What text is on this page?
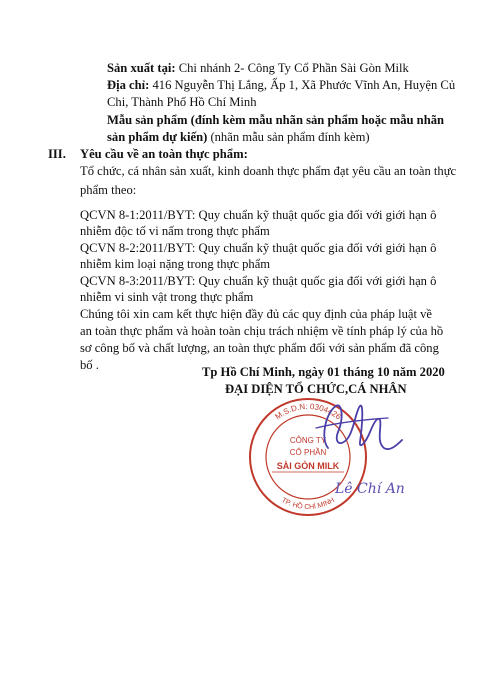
Sản xuất tại: Chi nhánh 2- Công Ty Cổ Phần Sài Gòn Milk
Địa chỉ: 416 Nguyễn Thị Lắng, Ấp 1, Xã Phước Vĩnh An, Huyện Củ
Chi, Thành Phố Hồ Chí Minh
Mẫu sản phẩm (đính kèm mẫu nhãn sản phẩm hoặc mẫu nhãn
sản phẩm dự kiến) (nhãn mẫu sản phẩm đính kèm)
III. Yêu cầu về an toàn thực phẩm:
Tổ chức, cá nhân sản xuất, kinh doanh thực phẩm đạt yêu cầu an toàn thực
phẩm theo:
QCVN 8-1:2011/BYT: Quy chuẩn kỹ thuật quốc gia đối với giới hạn ô
nhiễm độc tố vi nấm trong thực phẩm
QCVN 8-2:2011/BYT: Quy chuẩn kỹ thuật quốc gia đối với giới hạn ô
nhiễm kim loại nặng trong thực phẩm
QCVN 8-3:2011/BYT: Quy chuẩn kỹ thuật quốc gia đối với giới hạn ô
nhiễm vi sinh vật trong thực phẩm
Chúng tôi xin cam kết thực hiện đầy đủ các quy định của pháp luật về
an toàn thực phẩm và hoàn toàn chịu trách nhiệm về tính pháp lý của hồ
sơ công bố và chất lượng, an toàn thực phẩm đối với sản phẩm đã công
bố .	Tp Hồ Chí Minh, ngày 01 tháng 10 năm 2020
ĐẠI DIỆN TỔ CHỨC,CÁ NHÂN
M.S.D.N: 0304426
TP. HỒ CHÍ MINH
CÔNG TY
CỔ PHẦN
SÀI GÒN MILK
Lê Chí An
